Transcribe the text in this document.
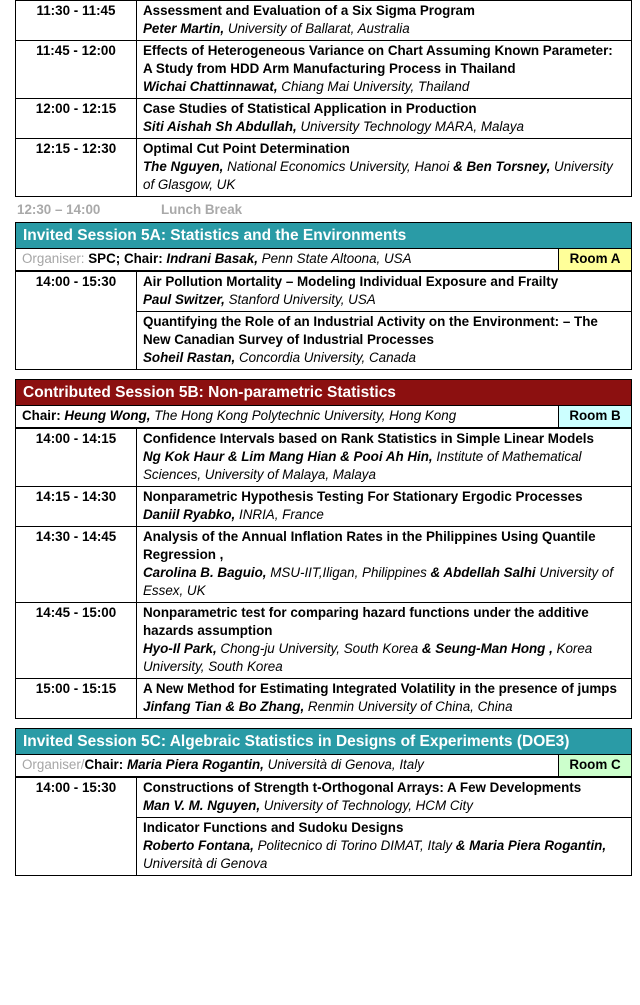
11:30 - 11:45	Assessment and Evaluation of a Six Sigma Program
Peter Martin, University of Ballarat, Australia

11:45 - 12:00	Effects of Heterogeneous Variance on Chart Assuming Known Parameter: A Study from HDD Arm Manufacturing Process in Thailand
Wichai Chattinnawat, Chiang Mai University, Thailand

12:00 - 12:15	Case Studies of Statistical Application in Production
Siti Aishah Sh Abdullah, University Technology MARA, Malaya

12:15 - 12:30	Optimal Cut Point Determination
The Nguyen, National Economics University, Hanoi & Ben Torsney, University of Glasgow, UK
12:30 – 14:00	Lunch Break
Invited Session 5A: Statistics and the Environments
Organiser: SPC; Chair: Indrani Basak, Penn State Altoona, USA	Room A
14:00 - 15:30	Air Pollution Mortality – Modeling Individual Exposure and Frailty
Paul Switzer, Stanford University, USA

Quantifying the Role of an Industrial Activity on the Environment: – The New Canadian Survey of Industrial Processes
Soheil Rastan, Concordia University, Canada
Contributed Session 5B: Non-parametric Statistics
Chair: Heung Wong, The Hong Kong Polytechnic University, Hong Kong	Room B
14:00 - 14:15	Confidence Intervals based on Rank Statistics in Simple Linear Models
Ng Kok Haur & Lim Mang Hian & Pooi Ah Hin, Institute of Mathematical Sciences, University of Malaya, Malaya

14:15 - 14:30	Nonparametric Hypothesis Testing For Stationary Ergodic Processes
Daniil Ryabko, INRIA, France

14:30 - 14:45	Analysis of the Annual Inflation Rates in the Philippines Using Quantile Regression ,
Carolina B. Baguio, MSU-IIT,Iligan, Philippines & Abdellah Salhi University of Essex, UK

14:45 - 15:00	Nonparametric test for comparing hazard functions under the additive hazards assumption
Hyo-Il Park, Chong-ju University, South Korea & Seung-Man Hong , Korea University, South Korea

15:00 - 15:15	A New Method for Estimating Integrated Volatility in the presence of jumps
Jinfang Tian & Bo Zhang, Renmin University of China, China
Invited Session 5C: Algebraic Statistics in Designs of Experiments (DOE3)
Organiser/Chair: Maria Piera Rogantin, Università di Genova, Italy	Room C
14:00 - 15:30	Constructions of Strength t-Orthogonal Arrays: A Few Developments
Man V. M. Nguyen, University of Technology, HCM City

Indicator Functions and Sudoku Designs
Roberto Fontana, Politecnico di Torino DIMAT, Italy & Maria Piera Rogantin, Università di Genova
